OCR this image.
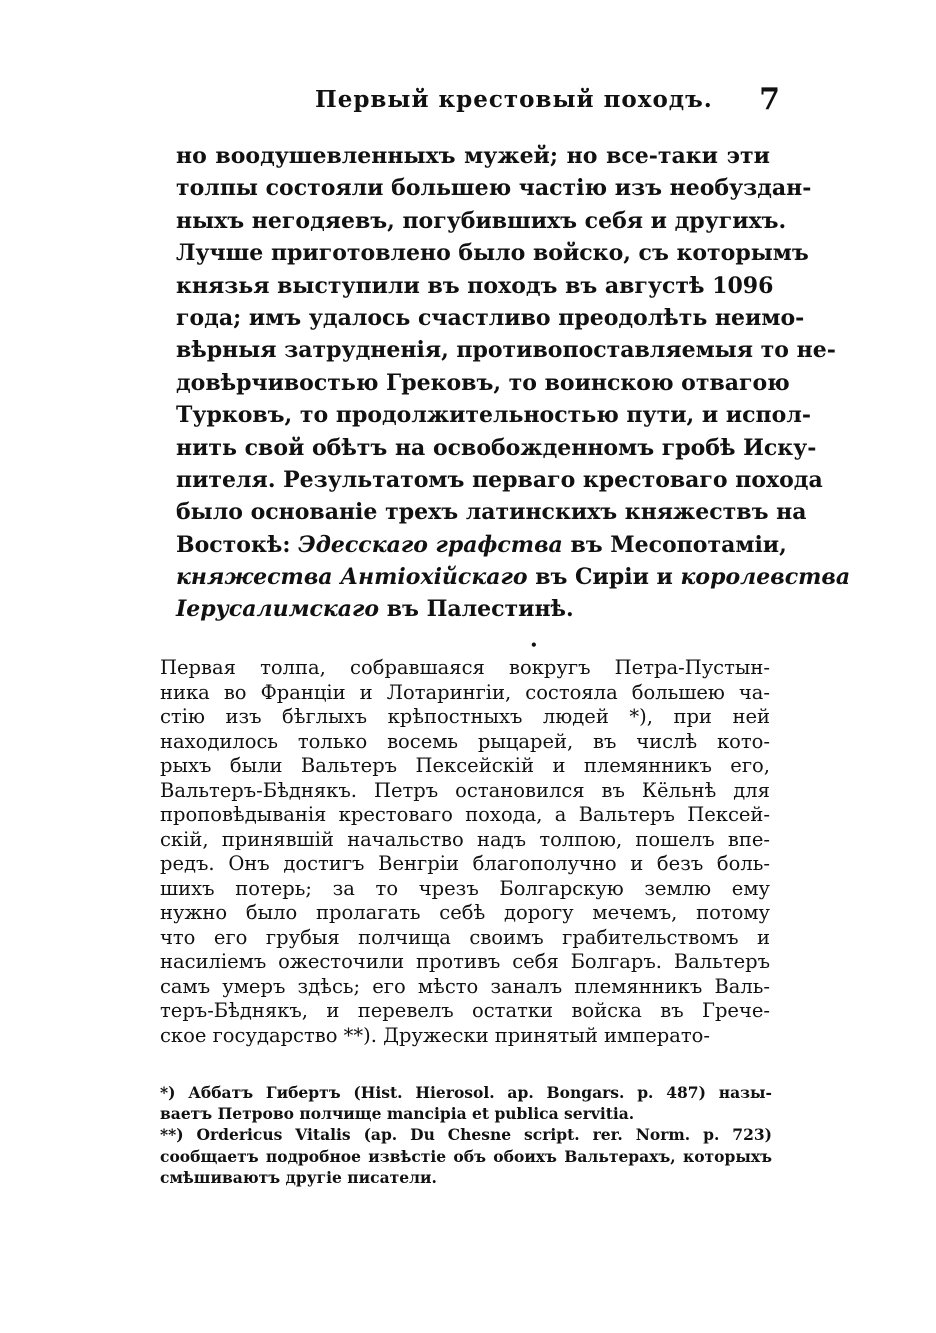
Первый крестовый походъ. 7
но воодушевленныхъ мужей; но все-таки эти
толпы состояли большею частію изъ необуздан-
ныхъ негодяевъ, погубившихъ себя и другихъ.
Лучше приготовлено было войско, съ которымъ
князья выступили въ походъ въ августѣ 1096
года; имъ удалось счастливо преодолѣть неимо-
вѣрныя затрудненія, противопоставляемыя то не-
довѣрчивостью Грековъ, то воинскою отвагою
Турковъ, то продолжительностью пути, и испол-
нить свой обѣтъ на освобожденномъ гробѣ Иску-
пителя. Результатомъ перваго крестоваго похода
было основаніе трехъ латинскихъ княжествъ на
Востокѣ: Эдесскаго графства въ Месопотаміи,
княжества Антіохійскаго въ Сиріи и королевства
Іерусалимскаго въ Палестинѣ.
•
Первая толпа, собравшаяся вокругъ Петра-Пустын-
ника во Франціи и Лотарингіи, состояла большею ча-
стію изъ бѣглыхъ крѣпостныхъ людей *), при ней
находилось только восемь рыцарей, въ числѣ кото-
рыхъ были Вальтеръ Пексейскій и племянникъ его,
Вальтеръ-Бѣднякъ. Петръ остановился въ Кёльнѣ для
проповѣдыванія крестоваго похода, а Вальтеръ Пексей-
скій, принявшій начальство надъ толпою, пошелъ впе-
редъ. Онъ достигъ Венгріи благополучно и безъ боль-
шихъ потерь; за то чрезъ Болгарскую землю ему
нужно было пролагать себѣ дорогу мечемъ, потому
что его грубыя полчища своимъ грабительствомъ и
насиліемъ ожесточили противъ себя Болгаръ. Вальтеръ
самъ умеръ здѣсь; его мѣсто заналъ племянникъ Валь-
теръ-Бѣднякъ, и перевелъ остатки войска въ Грече-
ское государство **). Дружески принятый императо-
*) Аббатъ Гибертъ (Hist. Hierosol. ap. Bongars. p. 487) назы-
ваетъ Петрово полчище mancipia et publica servitia.
**) Ordericus Vitalis (ap. Du Chesne script. rer. Norm. p. 723)
сообщаетъ подробное извѣстіе объ обоихъ Вальтерахъ, которыхъ
смѣшиваютъ другіе писатели.
